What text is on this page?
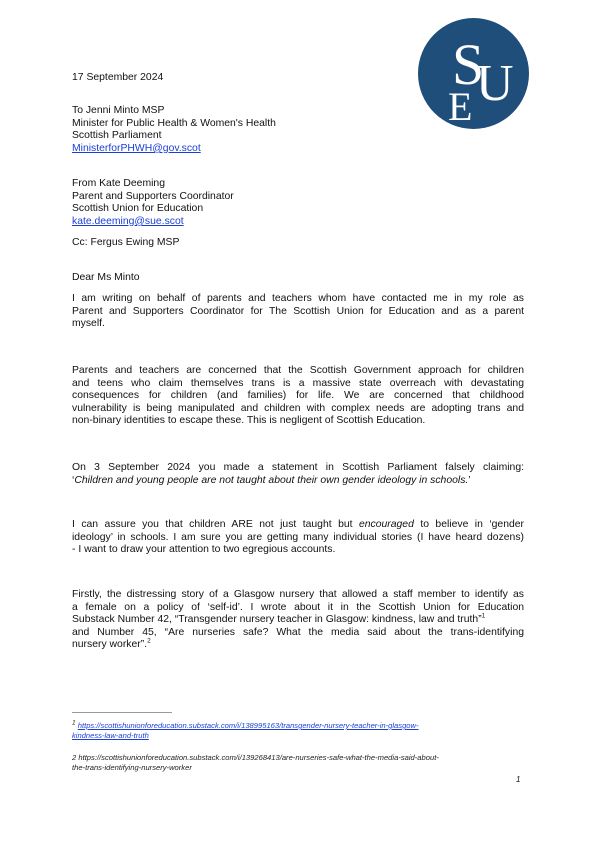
S
U
E
17 September 2024
To Jenni Minto MSP
Minister for Public Health & Women's Health
Scottish Parliament
MinisterforPHWH@gov.scot
From Kate Deeming
Parent and Supporters Coordinator
Scottish Union for Education
kate.deeming@sue.scot
Cc: Fergus Ewing MSP
Dear Ms Minto
I am writing on behalf of parents and teachers whom have contacted me in my role as
Parent and Supporters Coordinator for The Scottish Union for Education and as a parent
myself.
Parents and teachers are concerned that the Scottish Government approach for children
and teens who claim themselves trans is a massive state overreach with devastating
consequences for children (and families) for life. We are concerned that childhood
vulnerability is being manipulated and children with complex needs are adopting trans and
non-binary identities to escape these. This is negligent of Scottish Education.
On 3 September 2024 you made a statement in Scottish Parliament falsely claiming:
‘Children and young people are not taught about their own gender ideology in schools.’
I can assure you that children ARE not just taught but encouraged to believe in ‘gender
ideology’ in schools. I am sure you are getting many individual stories (I have heard dozens)
- I want to draw your attention to two egregious accounts.
Firstly, the distressing story of a Glasgow nursery that allowed a staff member to identify as
a female on a policy of ‘self-id’. I wrote about it in the Scottish Union for Education
Substack Number 42, “Transgender nursery teacher in Glasgow: kindness, law and truth”$^1$
and Number 45, “Are nurseries safe? What the media said about the trans-identifying
nursery worker”.$^2$
$^1$ https://scottishunionforeducation.substack.com/i/138995163/transgender-nursery-teacher-in-glasgow-
kindness-law-and-truth
2 https://scottishunionforeducation.substack.com/i/139268413/are-nurseries-safe-what-the-media-said-about-
the-trans-identifying-nursery-worker
1
